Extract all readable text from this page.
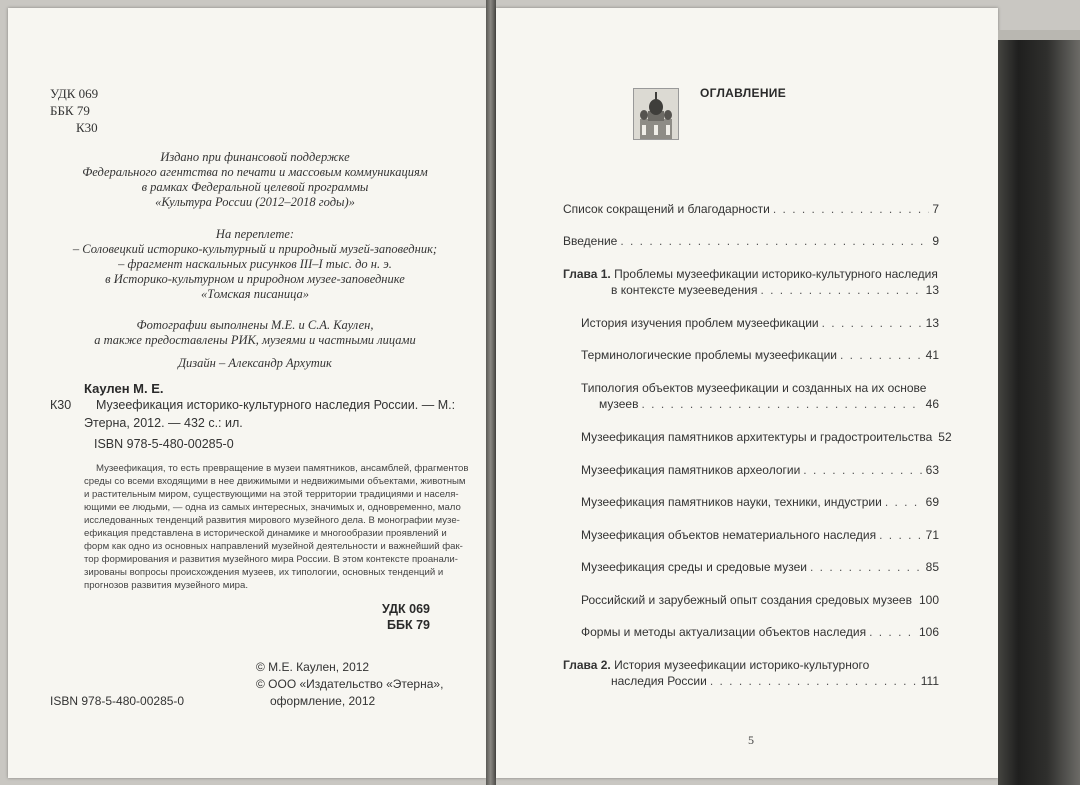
УДК 069
ББК 79
К30
Издано при финансовой поддержке
Федерального агентства по печати и массовым коммуникациям
в рамках Федеральной целевой программы
«Культура России (2012–2018 годы)»
На переплете:
– Соловецкий историко-культурный и природный музей-заповедник;
– фрагмент наскальных рисунков III–I тыс. до н. э.
в Историко-культурном и природном музее-заповеднике
«Томская писаница»
Фотографии выполнены М.Е. и С.А. Каулен,
а также предоставлены РИК, музеями и частными лицами
Дизайн – Александр Архутик
Каулен М. Е.
К30 Музеефикация историко-культурного наследия России. — М.:
Этерна, 2012. — 432 с.: ил.
ISBN 978-5-480-00285-0
Музеефикация, то есть превращение в музеи памятников, ансамблей, фрагментов
среды со всеми входящими в нее движимыми и недвижимыми объектами, животным
и растительным миром, существующими на этой территории традициями и населя-
ющими ее людьми, — одна из самых интересных, значимых и, одновременно, мало
исследованных тенденций развития мирового музейного дела. В монографии музе-
ефикация представлена в исторической динамике и многообразии проявлений и
форм как одно из основных направлений музейной деятельности и важнейший фак-
тор формирования и развития музейного мира России. В этом контексте проанали-
зированы вопросы происхождения музеев, их типологии, основных тенденций и
прогнозов развития музейного мира.
УДК 069
ББК 79
© М.Е. Каулен, 2012
© ООО «Издательство «Этерна»,
оформление, 2012
ISBN 978-5-480-00285-0
ОГЛАВЛЕНИЕ
Список сокращений и благодарности . . .	7
Введение . . .	9
Глава 1.
Проблемы музеефикации историко-культурного наследия
в контексте музееведения . . .	13
История изучения проблем музеефикации . . .	13
Терминологические проблемы музеефикации . . .	41
Типология объектов музеефикации и созданных на их основе
музеев . . .	46
Музеефикация памятников архитектуры и градостроительства 52
Музеефикация памятников археологии . . .	63
Музеефикация памятников науки, техники, индустрии . . .	69
Музеефикация объектов нематериального наследия . . .	71
Музеефикация среды и средовые музеи . . .	85
Российский и зарубежный опыт создания средовых музеев . . . 100
Формы и методы актуализации объектов наследия . . .	106
Глава 2.
История музеефикации историко-культурного
наследия России . . .	111
5
